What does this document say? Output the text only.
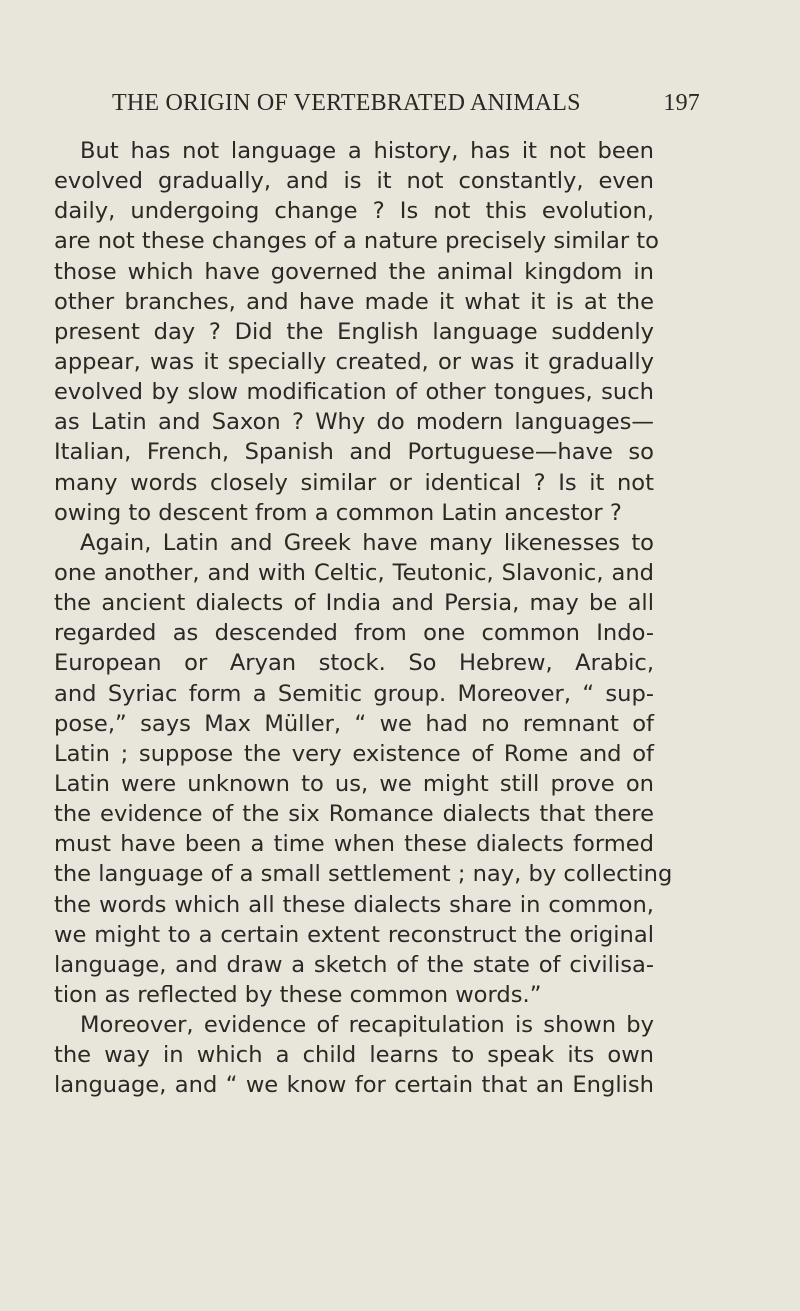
THE ORIGIN OF VERTEBRATED ANIMALS	197
But has not language a history, has it not been
evolved gradually, and is it not constantly, even
daily, undergoing change ? Is not this evolution,
are not these changes of a nature precisely similar to
those which have governed the animal kingdom in
other branches, and have made it what it is at the
present day ? Did the English language suddenly
appear, was it specially created, or was it gradually
evolved by slow modification of other tongues, such
as Latin and Saxon ? Why do modern languages—
Italian, French, Spanish and Portuguese—have so
many words closely similar or identical ? Is it not
owing to descent from a common Latin ancestor ?
Again, Latin and Greek have many likenesses to
one another, and with Celtic, Teutonic, Slavonic, and
the ancient dialects of India and Persia, may be all
regarded as descended from one common Indo-
European or Aryan stock. So Hebrew, Arabic,
and Syriac form a Semitic group. Moreover, “ sup-
pose,” says Max Müller, “ we had no remnant of
Latin ; suppose the very existence of Rome and of
Latin were unknown to us, we might still prove on
the evidence of the six Romance dialects that there
must have been a time when these dialects formed
the language of a small settlement ; nay, by collecting
the words which all these dialects share in common,
we might to a certain extent reconstruct the original
language, and draw a sketch of the state of civilisa-
tion as reflected by these common words.”
Moreover, evidence of recapitulation is shown by
the way in which a child learns to speak its own
language, and “ we know for certain that an English
